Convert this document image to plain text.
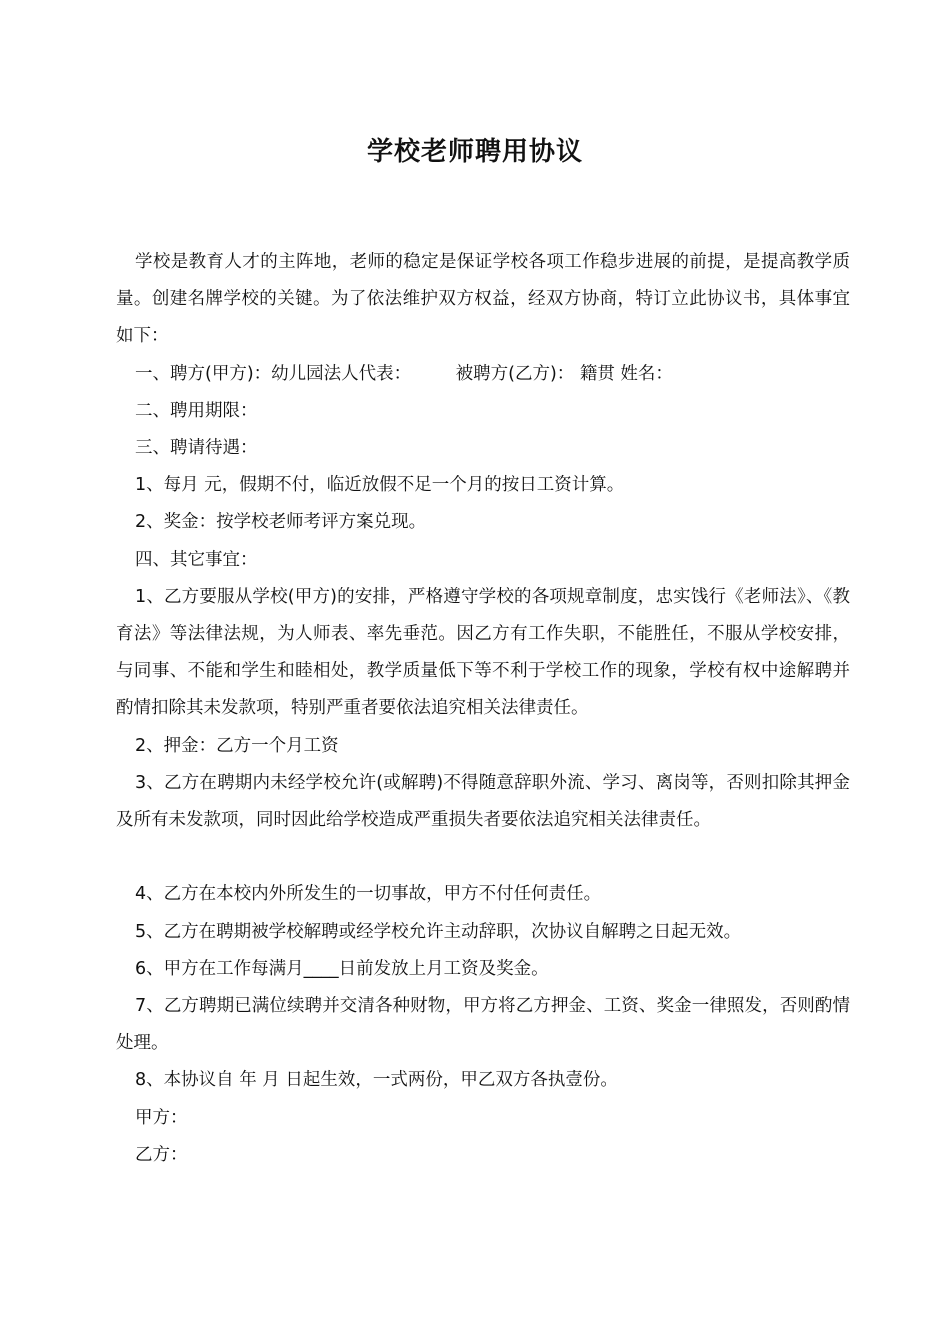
学校老师聘用协议

学校是教育人才的主阵地，老师的稳定是保证学校各项工作稳步进展的前提，是提高教学质量。创建名牌学校的关键。为了依法维护双方权益，经双方协商，特订立此协议书，具体事宜如下：

一、聘方(甲方)：幼儿园法人代表：        被聘方(乙方)： 籍贯 姓名：

二、聘用期限：

三、聘请待遇：

1、每月 元，假期不付，临近放假不足一个月的按日工资计算。

2、奖金：按学校老师考评方案兑现。

四、其它事宜：

1、乙方要服从学校(甲方)的安排，严格遵守学校的各项规章制度，忠实饯行《老师法》、《教育法》等法律法规，为人师表、率先垂范。因乙方有工作失职，不能胜任，不服从学校安排，与同事、不能和学生和睦相处，教学质量低下等不利于学校工作的现象，学校有权中途解聘并酌情扣除其未发款项，特别严重者要依法追究相关法律责任。

2、押金：乙方一个月工资

3、乙方在聘期内未经学校允许(或解聘)不得随意辞职外流、学习、离岗等，否则扣除其押金及所有未发款项，同时因此给学校造成严重损失者要依法追究相关法律责任。

4、乙方在本校内外所发生的一切事故，甲方不付任何责任。

5、乙方在聘期被学校解聘或经学校允许主动辞职，次协议自解聘之日起无效。

6、甲方在工作每满月____日前发放上月工资及奖金。

7、乙方聘期已满位续聘并交清各种财物，甲方将乙方押金、工资、奖金一律照发，否则酌情处理。

8、本协议自 年 月 日起生效，一式两份，甲乙双方各执壹份。

甲方：

乙方：
